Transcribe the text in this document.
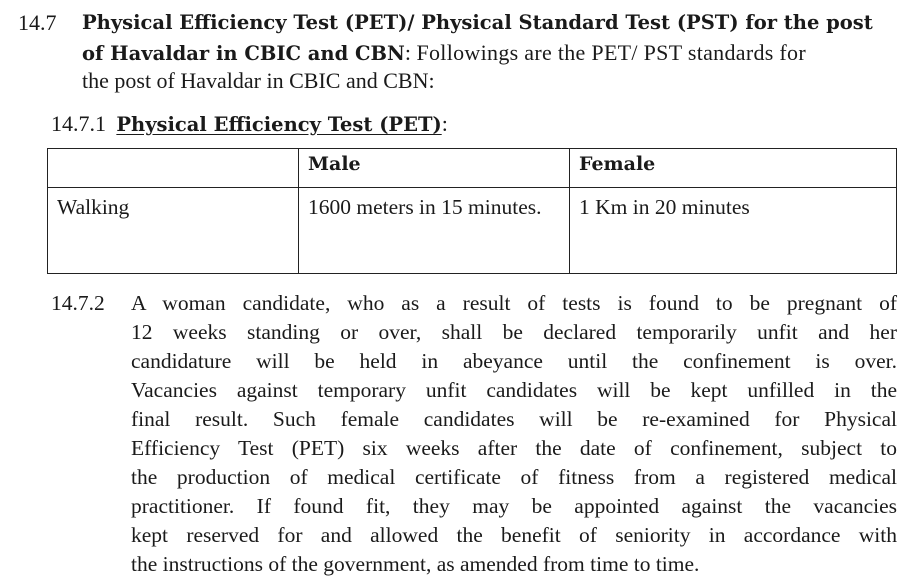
14.7 Physical Efficiency Test (PET)/ Physical Standard Test (PST) for the post
of Havaldar in CBIC and CBN: Followings are the PET/ PST standards for
the post of Havaldar in CBIC and CBN:
14.7.1 Physical Efficiency Test (PET):
	Male	Female
Walking	1600 meters in 15 minutes.	1 Km in 20 minutes
14.7.2 A woman candidate, who as a result of tests is found to be pregnant of
12 weeks standing or over, shall be declared temporarily unfit and her
candidature will be held in abeyance until the confinement is over.
Vacancies against temporary unfit candidates will be kept unfilled in the
final result. Such female candidates will be re-examined for Physical
Efficiency Test (PET) six weeks after the date of confinement, subject to
the production of medical certificate of fitness from a registered medical
practitioner. If found fit, they may be appointed against the vacancies
kept reserved for and allowed the benefit of seniority in accordance with
the instructions of the government, as amended from time to time.
